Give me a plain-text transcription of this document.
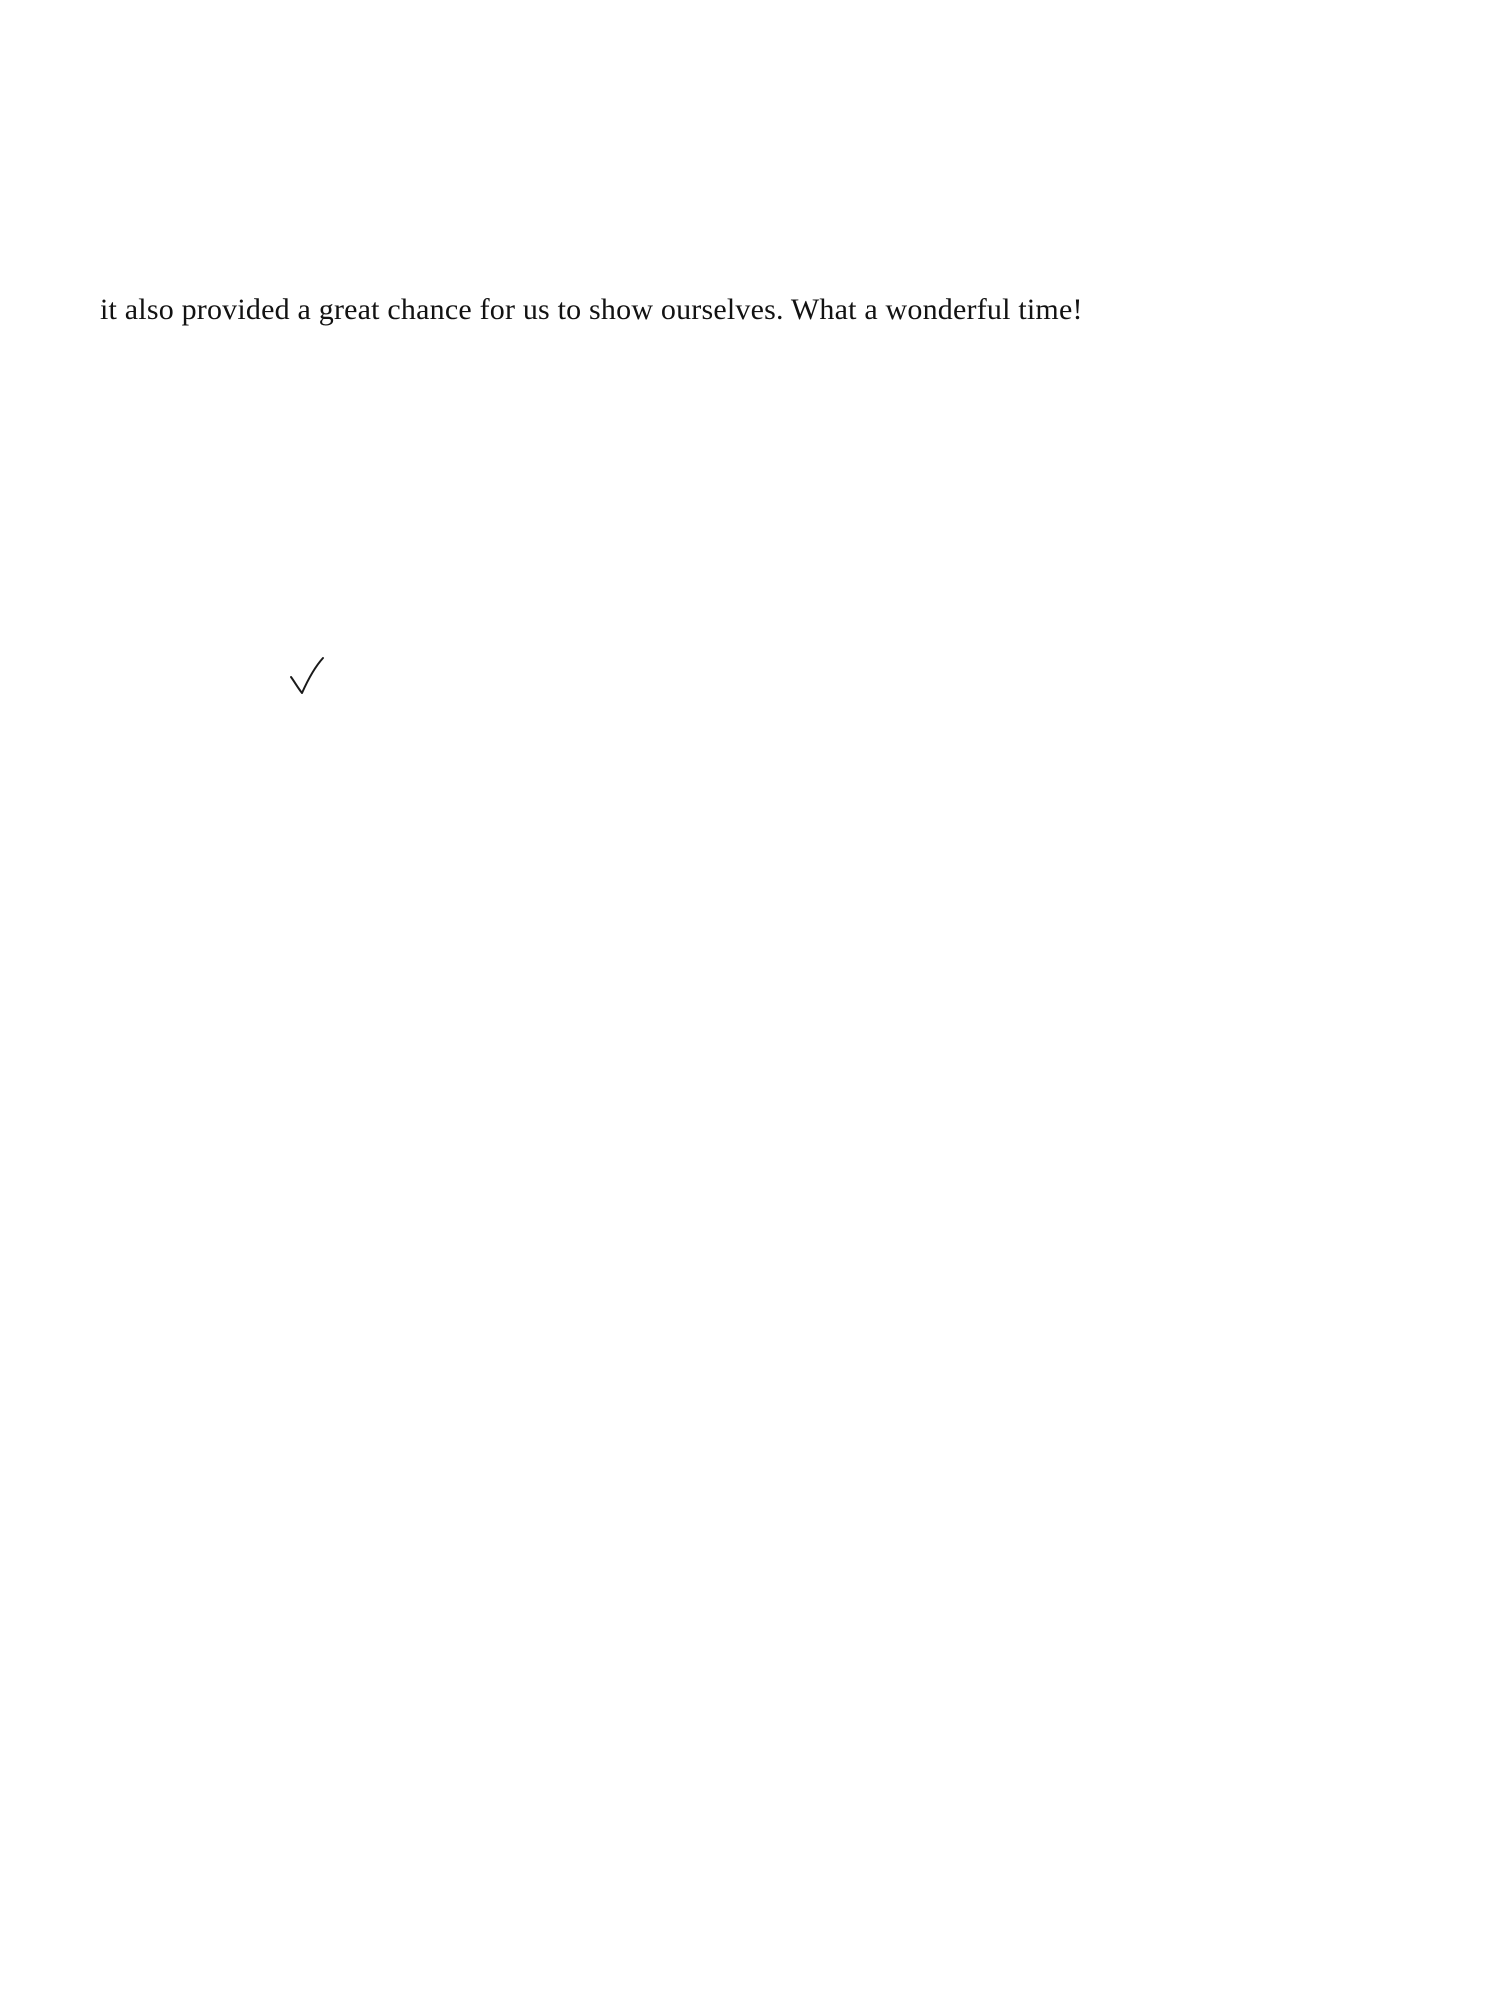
it also provided a great chance for us to show ourselves. What a wonderful time!
